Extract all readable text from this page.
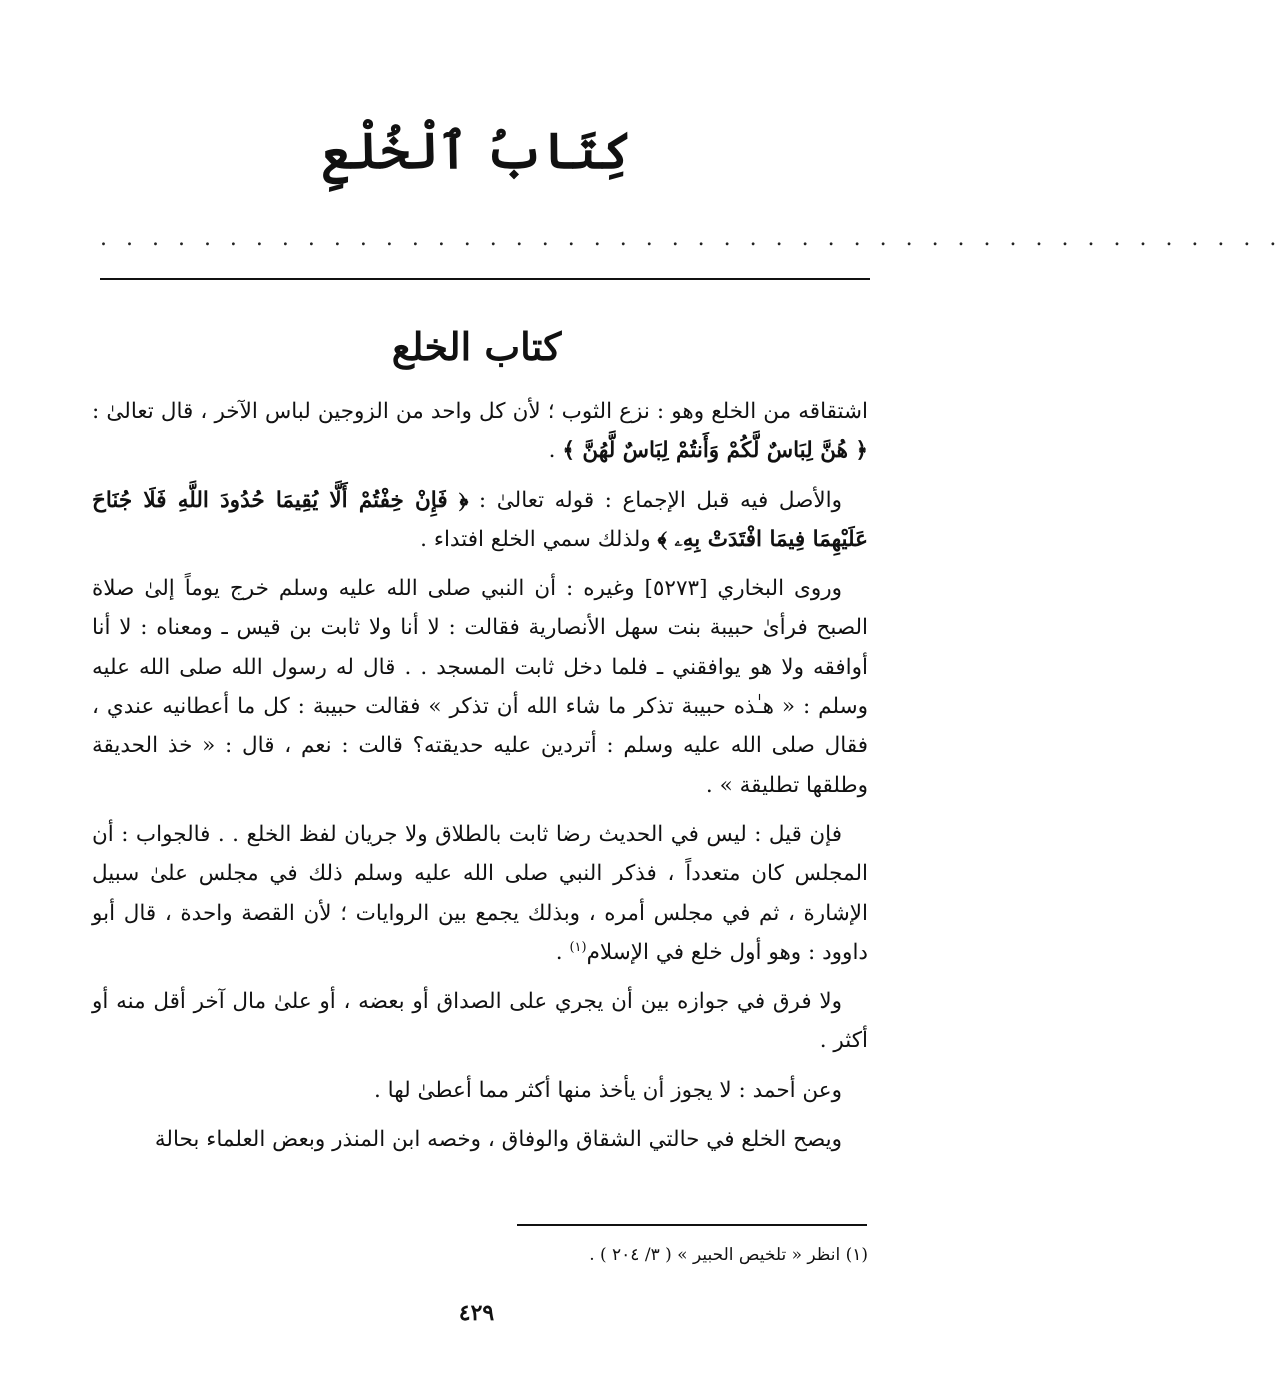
كِتَابُ ٱلْخُلْعِ
. . . . . . . . . . . . . . . . . . . . . . . . . . . . . . . . . . . . . . . . . . . . . .
كتاب الخلع

اشتقاقه من الخلع وهو : نزع الثوب ؛ لأن كل واحد من الزوجين لباس الآخر ، قال تعالىٰ : ﴿ هُنَّ لِبَاسٌ لَّكُمْ وَأَنتُمْ لِبَاسٌ لَّهُنَّ ﴾ .

والأصل فيه قبل الإجماع : قوله تعالىٰ : ﴿ فَإِنْ خِفْتُمْ أَلَّا يُقِيمَا حُدُودَ اللَّهِ فَلَا جُنَاحَ عَلَيْهِمَا فِيمَا افْتَدَتْ بِهِۦ ﴾ ولذلك سمي الخلع افتداء .

وروى البخاري [٥٢٧٣] وغيره : أن النبي صلى الله عليه وسلم خرج يوماً إلىٰ صلاة الصبح فرأىٰ حبيبة بنت سهل الأنصارية فقالت : لا أنا ولا ثابت بن قيس ـ ومعناه : لا أنا أوافقه ولا هو يوافقني ـ فلما دخل ثابت المسجد . . قال له رسول الله صلى الله عليه وسلم : « هـٰذه حبيبة تذكر ما شاء الله أن تذكر » فقالت حبيبة : كل ما أعطانيه عندي ، فقال صلى الله عليه وسلم : أتردين عليه حديقته؟ قالت : نعم ، قال : « خذ الحديقة وطلقها تطليقة » .

فإن قيل : ليس في الحديث رضا ثابت بالطلاق ولا جريان لفظ الخلع . . فالجواب : أن المجلس كان متعدداً ، فذكر النبي صلى الله عليه وسلم ذلك في مجلس علىٰ سبيل الإشارة ، ثم في مجلس أمره ، وبذلك يجمع بين الروايات ؛ لأن القصة واحدة ، قال أبو داوود : وهو أول خلع في الإسلام$^{(١)}$ .

ولا فرق في جوازه بين أن يجري على الصداق أو بعضه ، أو علىٰ مال آخر أقل منه أو أكثر .

وعن أحمد : لا يجوز أن يأخذ منها أكثر مما أعطىٰ لها .

ويصح الخلع في حالتي الشقاق والوفاق ، وخصه ابن المنذر وبعض العلماء بحالة

(١) انظر « تلخيص الحبير » ( ٣/ ٢٠٤ ) .
٤٢٩
